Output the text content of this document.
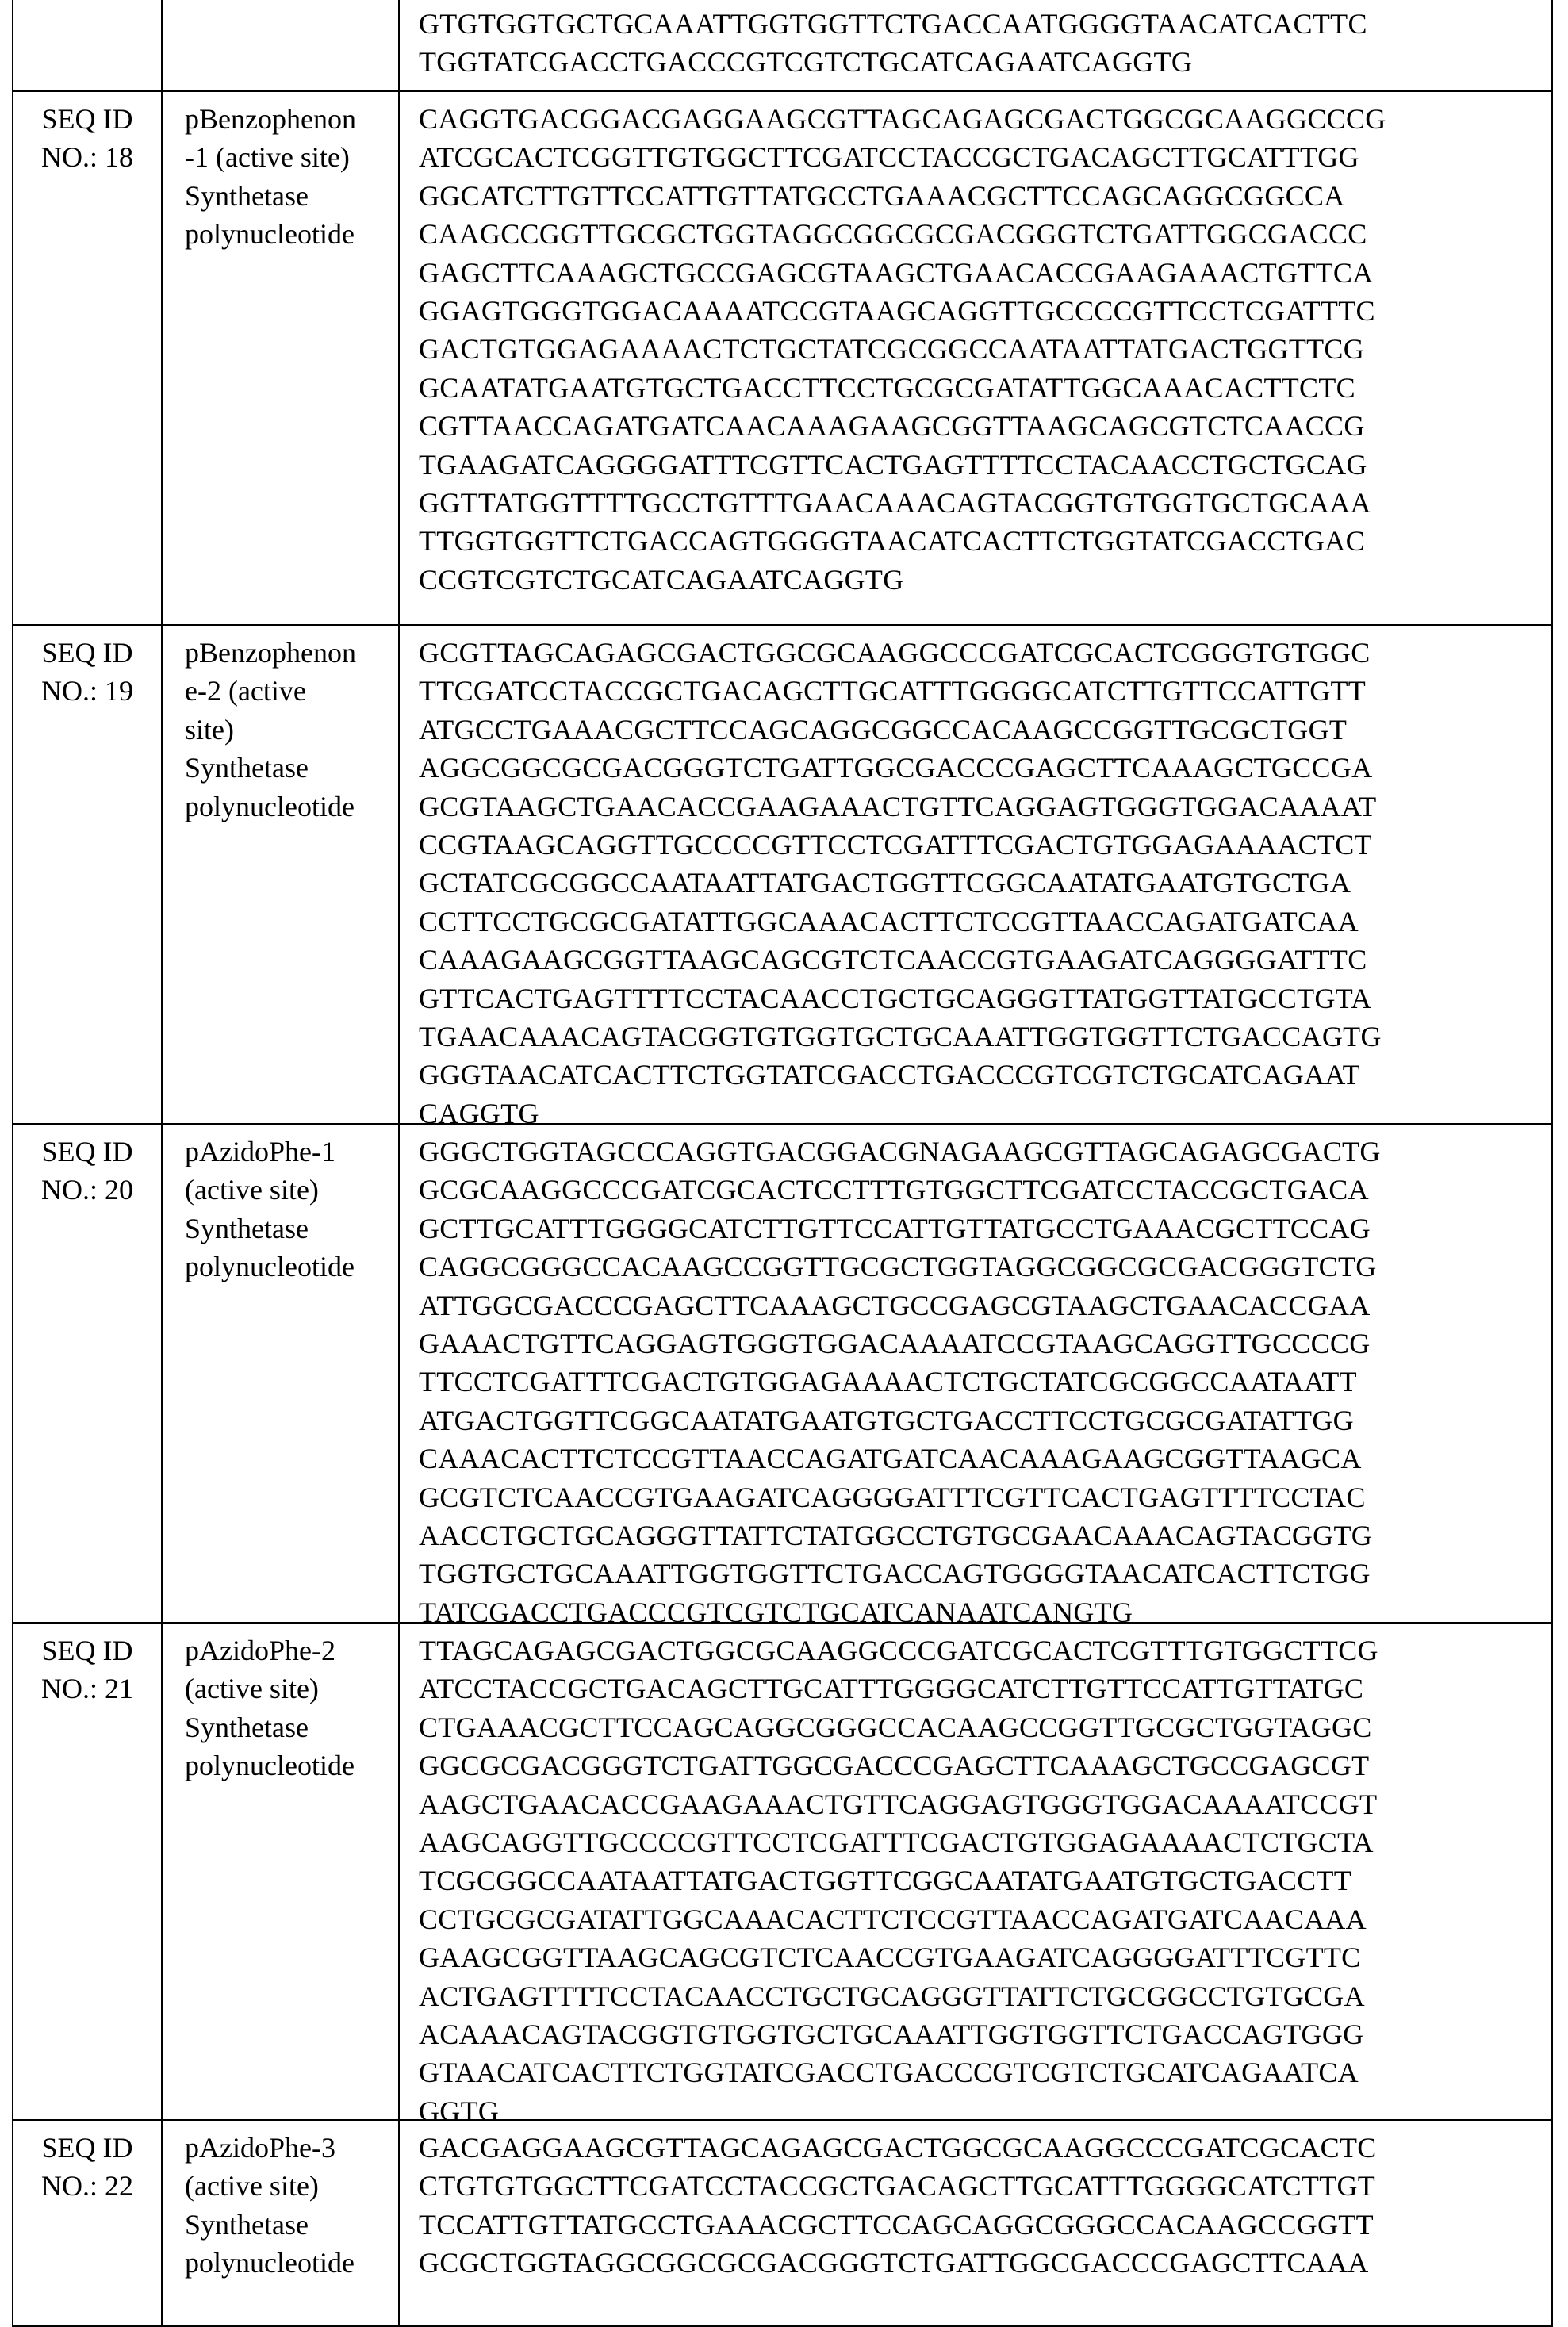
GTGTGGTGCTGCAAATTGGTGGTTCTGACCAATGGGGTAACATCACTTC
TGGTATCGACCTGACCCGTCGTCTGCATCAGAATCAGGTG
SEQ ID
NO.: 18
pBenzophenon
-1 (active site)
Synthetase
polynucleotide
CAGGTGACGGACGAGGAAGCGTTAGCAGAGCGACTGGCGCAAGGCCCG
ATCGCACTCGGTTGTGGCTTCGATCCTACCGCTGACAGCTTGCATTTGG
GGCATCTTGTTCCATTGTTATGCCTGAAACGCTTCCAGCAGGCGGCCA
CAAGCCGGTTGCGCTGGTAGGCGGCGCGACGGGTCTGATTGGCGACCC
GAGCTTCAAAGCTGCCGAGCGTAAGCTGAACACCGAAGAAACTGTTCA
GGAGTGGGTGGACAAAATCCGTAAGCAGGTTGCCCCGTTCCTCGATTTC
GACTGTGGAGAAAACTCTGCTATCGCGGCCAATAATTATGACTGGTTCG
GCAATATGAATGTGCTGACCTTCCTGCGCGATATTGGCAAACACTTCTC
CGTTAACCAGATGATCAACAAAGAAGCGGTTAAGCAGCGTCTCAACCG
TGAAGATCAGGGGATTTCGTTCACTGAGTTTTCCTACAACCTGCTGCAG
GGTTATGGTTTTGCCTGTTTGAACAAACAGTACGGTGTGGTGCTGCAAA
TTGGTGGTTCTGACCAGTGGGGTAACATCACTTCTGGTATCGACCTGAC
CCGTCGTCTGCATCAGAATCAGGTG
SEQ ID
NO.: 19
pBenzophenon
e-2 (active
site)
Synthetase
polynucleotide
GCGTTAGCAGAGCGACTGGCGCAAGGCCCGATCGCACTCGGGTGTGGC
TTCGATCCTACCGCTGACAGCTTGCATTTGGGGCATCTTGTTCCATTGTT
ATGCCTGAAACGCTTCCAGCAGGCGGCCACAAGCCGGTTGCGCTGGT
AGGCGGCGCGACGGGTCTGATTGGCGACCCGAGCTTCAAAGCTGCCGA
GCGTAAGCTGAACACCGAAGAAACTGTTCAGGAGTGGGTGGACAAAAT
CCGTAAGCAGGTTGCCCCGTTCCTCGATTTCGACTGTGGAGAAAACTCT
GCTATCGCGGCCAATAATTATGACTGGTTCGGCAATATGAATGTGCTGA
CCTTCCTGCGCGATATTGGCAAACACTTCTCCGTTAACCAGATGATCAA
CAAAGAAGCGGTTAAGCAGCGTCTCAACCGTGAAGATCAGGGGATTTC
GTTCACTGAGTTTTCCTACAACCTGCTGCAGGGTTATGGTTATGCCTGTA
TGAACAAACAGTACGGTGTGGTGCTGCAAATTGGTGGTTCTGACCAGTG
GGGTAACATCACTTCTGGTATCGACCTGACCCGTCGTCTGCATCAGAAT
CAGGTG
SEQ ID
NO.: 20
pAzidoPhe-1
(active site)
Synthetase
polynucleotide
GGGCTGGTAGCCCAGGTGACGGACGNAGAAGCGTTAGCAGAGCGACTG
GCGCAAGGCCCGATCGCACTCCTTTGTGGCTTCGATCCTACCGCTGACA
GCTTGCATTTGGGGCATCTTGTTCCATTGTTATGCCTGAAACGCTTCCAG
CAGGCGGGCCACAAGCCGGTTGCGCTGGTAGGCGGCGCGACGGGTCTG
ATTGGCGACCCGAGCTTCAAAGCTGCCGAGCGTAAGCTGAACACCGAA
GAAACTGTTCAGGAGTGGGTGGACAAAATCCGTAAGCAGGTTGCCCCG
TTCCTCGATTTCGACTGTGGAGAAAACTCTGCTATCGCGGCCAATAATT
ATGACTGGTTCGGCAATATGAATGTGCTGACCTTCCTGCGCGATATTGG
CAAACACTTCTCCGTTAACCAGATGATCAACAAAGAAGCGGTTAAGCA
GCGTCTCAACCGTGAAGATCAGGGGATTTCGTTCACTGAGTTTTCCTAC
AACCTGCTGCAGGGTTATTCTATGGCCTGTGCGAACAAACAGTACGGTG
TGGTGCTGCAAATTGGTGGTTCTGACCAGTGGGGTAACATCACTTCTGG
TATCGACCTGACCCGTCGTCTGCATCANAATCANGTG
SEQ ID
NO.: 21
pAzidoPhe-2
(active site)
Synthetase
polynucleotide
TTAGCAGAGCGACTGGCGCAAGGCCCGATCGCACTCGTTTGTGGCTTCG
ATCCTACCGCTGACAGCTTGCATTTGGGGCATCTTGTTCCATTGTTATGC
CTGAAACGCTTCCAGCAGGCGGGCCACAAGCCGGTTGCGCTGGTAGGC
GGCGCGACGGGTCTGATTGGCGACCCGAGCTTCAAAGCTGCCGAGCGT
AAGCTGAACACCGAAGAAACTGTTCAGGAGTGGGTGGACAAAATCCGT
AAGCAGGTTGCCCCGTTCCTCGATTTCGACTGTGGAGAAAACTCTGCTA
TCGCGGCCAATAATTATGACTGGTTCGGCAATATGAATGTGCTGACCTT
CCTGCGCGATATTGGCAAACACTTCTCCGTTAACCAGATGATCAACAAA
GAAGCGGTTAAGCAGCGTCTCAACCGTGAAGATCAGGGGATTTCGTTC
ACTGAGTTTTCCTACAACCTGCTGCAGGGTTATTCTGCGGCCTGTGCGA
ACAAACAGTACGGTGTGGTGCTGCAAATTGGTGGTTCTGACCAGTGGG
GTAACATCACTTCTGGTATCGACCTGACCCGTCGTCTGCATCAGAATCA
GGTG
SEQ ID
NO.: 22
pAzidoPhe-3
(active site)
Synthetase
polynucleotide
GACGAGGAAGCGTTAGCAGAGCGACTGGCGCAAGGCCCGATCGCACTC
CTGTGTGGCTTCGATCCTACCGCTGACAGCTTGCATTTGGGGCATCTTGT
TCCATTGTTATGCCTGAAACGCTTCCAGCAGGCGGGCCACAAGCCGGTT
GCGCTGGTAGGCGGCGCGACGGGTCTGATTGGCGACCCGAGCTTCAAA
